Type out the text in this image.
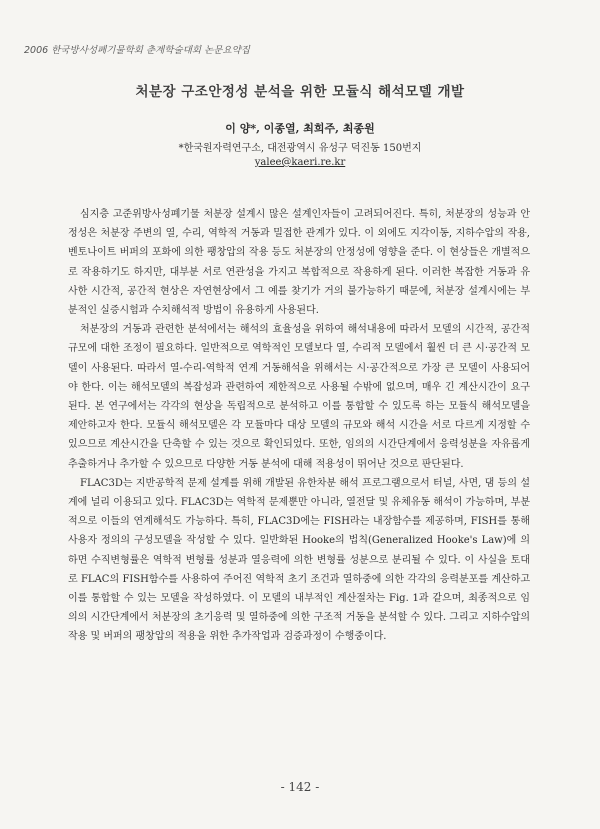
2006 한국방사성폐기물학회 춘계학술대회 논문요약집
처분장 구조안정성 분석을 위한 모듈식 해석모델 개발
이 양*, 이종열, 최희주, 최종원
*한국원자력연구소, 대전광역시 유성구 덕진동 150번지
yalee@kaeri.re.kr

심지층 고준위방사성폐기물 처분장 설계시 많은 설계인자들이 고려되어진다. 특히, 처분장의 성능과 안정성은 처분장 주변의 열, 수리, 역학적 거동과 밀접한 관계가 있다. 이 외에도 지각이동, 지하수압의 작용, 벤토나이트 버퍼의 포화에 의한 팽창압의 작용 등도 처분장의 안정성에 영향을 준다. 이 현상들은 개별적으로 작용하기도 하지만, 대부분 서로 연관성을 가지고 복합적으로 작용하게 된다. 이러한 복잡한 거동과 유사한 시간적, 공간적 현상은 자연현상에서 그 예를 찾기가 거의 불가능하기 때문에, 처분장 설계시에는 부분적인 실증시험과 수치해석적 방법이 유용하게 사용된다.

처분장의 거동과 관련한 분석에서는 해석의 효율성을 위하여 해석내용에 따라서 모델의 시간적, 공간적 규모에 대한 조정이 필요하다. 일반적으로 역학적인 모델보다 열, 수리적 모델에서 훨씬 더 큰 시·공간적 모델이 사용된다. 따라서 열-수리-역학적 연계 거동해석을 위해서는 시·공간적으로 가장 큰 모델이 사용되어야 한다. 이는 해석모델의 복잡성과 관련하여 제한적으로 사용될 수밖에 없으며, 매우 긴 계산시간이 요구된다. 본 연구에서는 각각의 현상을 독립적으로 분석하고 이를 통합할 수 있도록 하는 모듈식 해석모델을 제안하고자 한다. 모듈식 해석모델은 각 모듈마다 대상 모델의 규모와 해석 시간을 서로 다르게 지정할 수 있으므로 계산시간을 단축할 수 있는 것으로 확인되었다. 또한, 임의의 시간단계에서 응력성분을 자유롭게 추출하거나 추가할 수 있으므로 다양한 거동 분석에 대해 적용성이 뛰어난 것으로 판단된다.

FLAC3D는 지반공학적 문제 설계를 위해 개발된 유한차분 해석 프로그램으로서 터널, 사면, 댐 등의 설계에 널리 이용되고 있다. FLAC3D는 역학적 문제뿐만 아니라, 열전달 및 유체유동 해석이 가능하며, 부분적으로 이들의 연계해석도 가능하다. 특히, FLAC3D에는 FISH라는 내장함수를 제공하며, FISH를 통해 사용자 정의의 구성모델을 작성할 수 있다. 일반화된 Hooke의 법칙(Generalized Hooke's Law)에 의하면 수직변형률은 역학적 변형률 성분과 열응력에 의한 변형률 성분으로 분리될 수 있다. 이 사실을 토대로 FLAC의 FISH함수를 사용하여 주어진 역학적 초기 조건과 열하중에 의한 각각의 응력분포를 계산하고 이를 통합할 수 있는 모델을 작성하였다. 이 모델의 내부적인 계산절차는 Fig. 1과 같으며, 최종적으로 임의의 시간단계에서 처분장의 초기응력 및 열하중에 의한 구조적 거동을 분석할 수 있다. 그리고 지하수압의 작용 및 버퍼의 팽창압의 적용을 위한 추가작업과 검증과정이 수행중이다.

- 142 -
